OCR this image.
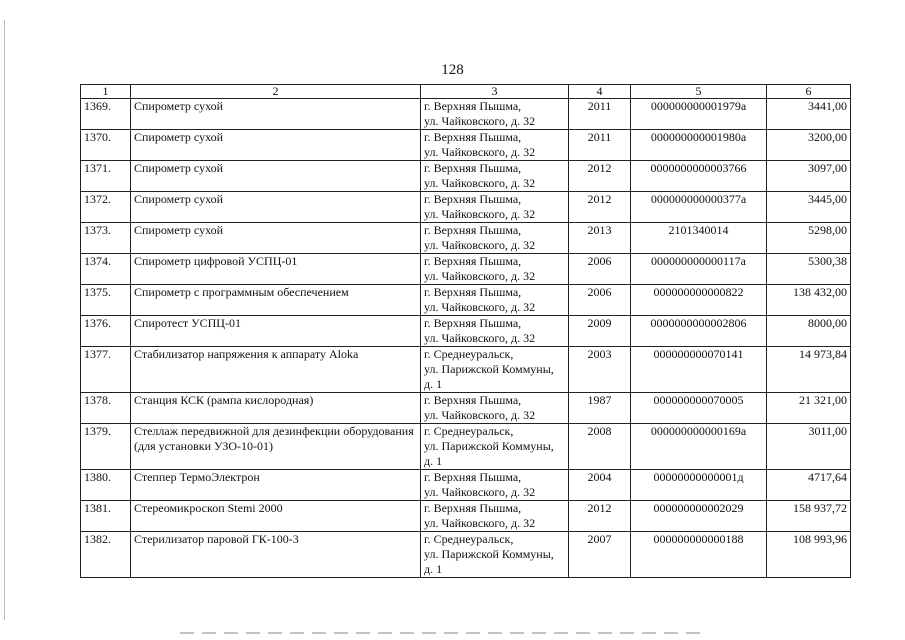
128
1	2	3	4	5	6
1369.	Спирометр сухой	г. Верхняя Пышма,
ул. Чайковского, д. 32	2011	000000000001979а	3441,00
1370.	Спирометр сухой	г. Верхняя Пышма,
ул. Чайковского, д. 32	2011	000000000001980а	3200,00
1371.	Спирометр сухой	г. Верхняя Пышма,
ул. Чайковского, д. 32	2012	0000000000003766	3097,00
1372.	Спирометр сухой	г. Верхняя Пышма,
ул. Чайковского, д. 32	2012	000000000000377а	3445,00
1373.	Спирометр сухой	г. Верхняя Пышма,
ул. Чайковского, д. 32	2013	2101340014	5298,00
1374.	Спирометр цифровой УСПЦ-01	г. Верхняя Пышма,
ул. Чайковского, д. 32	2006	000000000000117а	5300,38
1375.	Спирометр с программным обеспечением	г. Верхняя Пышма,
ул. Чайковского, д. 32	2006	000000000000822	138 432,00
1376.	Спиротест УСПЦ-01	г. Верхняя Пышма,
ул. Чайковского, д. 32	2009	0000000000002806	8000,00
1377.	Стабилизатор напряжения к аппарату Aloka	г. Среднеуральск,
ул. Парижской Коммуны,
д. 1	2003	000000000070141	14 973,84
1378.	Станция КСК (рампа кислородная)	г. Верхняя Пышма,
ул. Чайковского, д. 32	1987	000000000070005	21 321,00
1379.	Стеллаж передвижной для дезинфекции оборудования (для установки УЗО-10-01)	г. Среднеуральск,
ул. Парижской Коммуны,
д. 1	2008	000000000000169а	3011,00
1380.	Степпер ТермоЭлектрон	г. Верхняя Пышма,
ул. Чайковского, д. 32	2004	00000000000001д	4717,64
1381.	Стереомикроскоп Stemi 2000	г. Верхняя Пышма,
ул. Чайковского, д. 32	2012	000000000002029	158 937,72
1382.	Стерилизатор паровой ГК-100-3	г. Среднеуральск,
ул. Парижской Коммуны,
д. 1	2007	000000000000188	108 993,96
